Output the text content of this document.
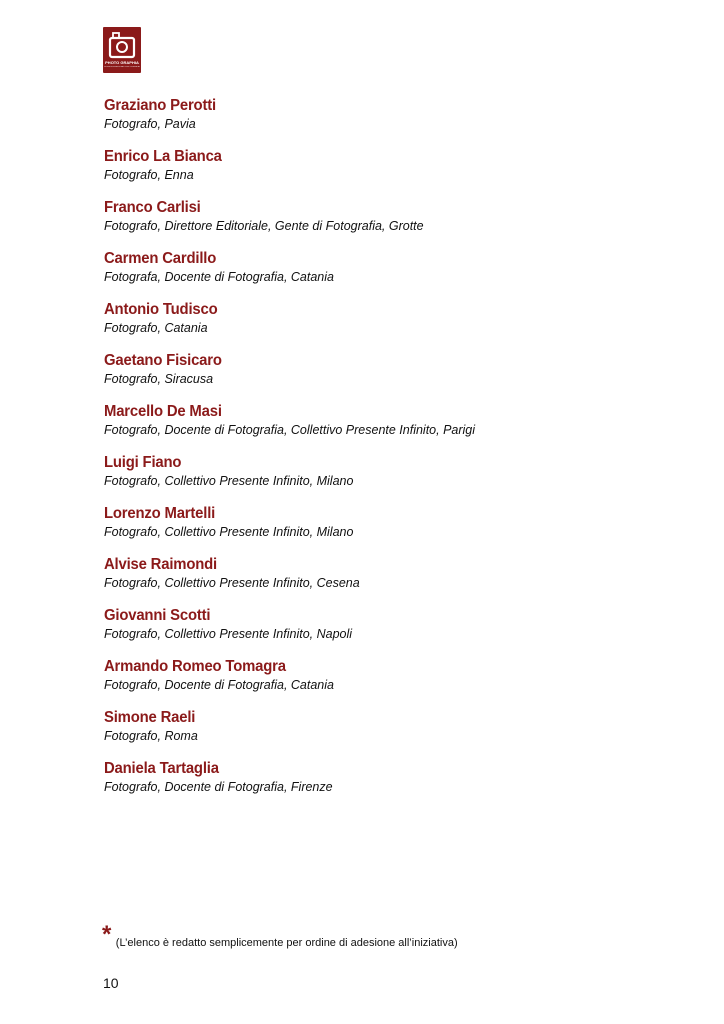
PHOTO GRAPHIA
ASSOCIAZIONE CULTURALE
Graziano Perotti
Fotografo, Pavia
Enrico La Bianca
Fotografo, Enna
Franco Carlisi
Fotografo, Direttore Editoriale, Gente di Fotografia, Grotte
Carmen Cardillo
Fotografa, Docente di Fotografia, Catania
Antonio Tudisco
Fotografo, Catania
Gaetano Fisicaro
Fotografo, Siracusa
Marcello De Masi
Fotografo, Docente di Fotografia, Collettivo Presente Infinito, Parigi
Luigi Fiano
Fotografo, Collettivo Presente Infinito, Milano
Lorenzo Martelli
Fotografo, Collettivo Presente Infinito, Milano
Alvise Raimondi
Fotografo, Collettivo Presente Infinito, Cesena
Giovanni Scotti
Fotografo, Collettivo Presente Infinito, Napoli
Armando Romeo Tomagra
Fotografo, Docente di Fotografia, Catania
Simone Raeli
Fotografo, Roma
Daniela Tartaglia
Fotografo, Docente di Fotografia, Firenze
* $_{(L’elenco è redatto semplicemente per ordine di adesione all’iniziativa)}$
10
